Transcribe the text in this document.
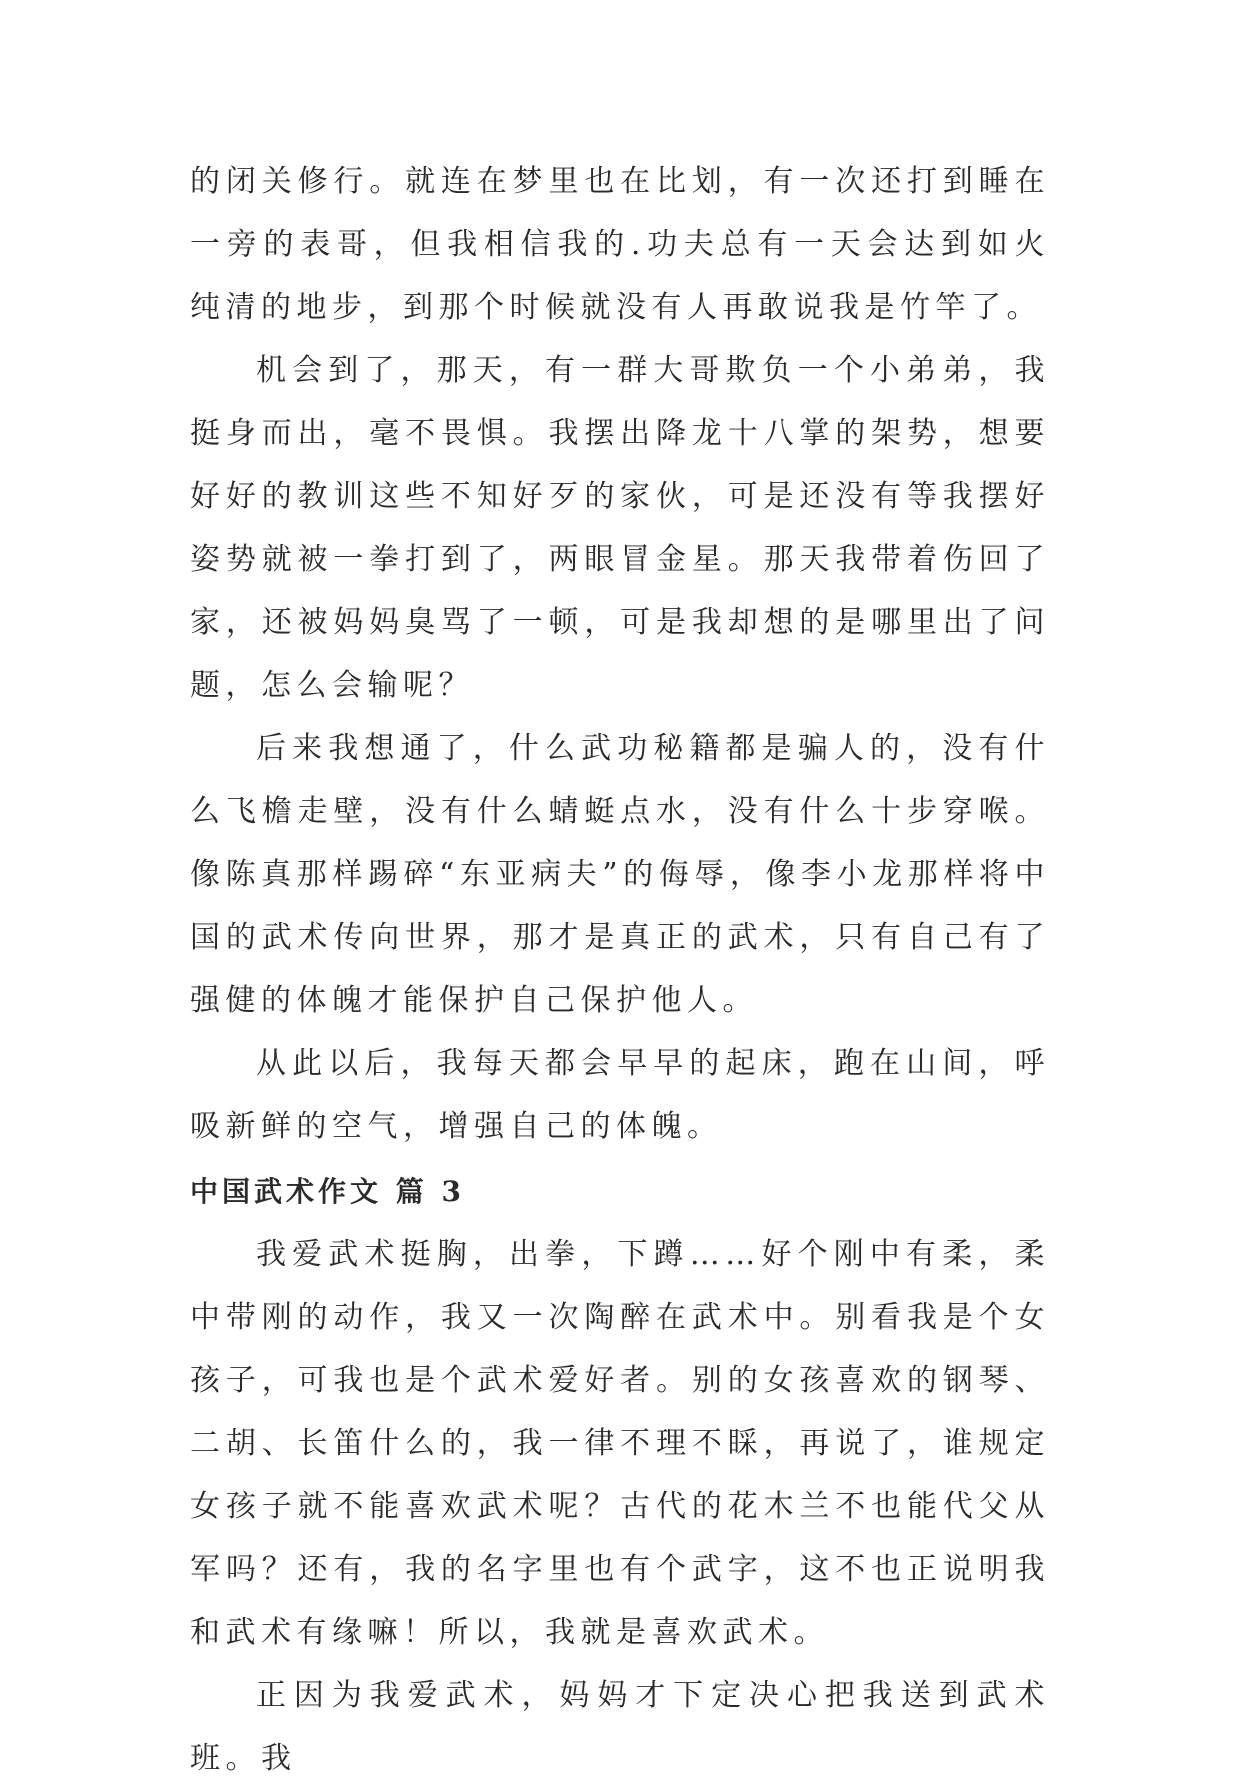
的闭关修行。就连在梦里也在比划，有一次还打到睡在一旁的表哥，但我相信我的.功夫总有一天会达到如火纯清的地步，到那个时候就没有人再敢说我是竹竿了。

机会到了，那天，有一群大哥欺负一个小弟弟，我挺身而出，毫不畏惧。我摆出降龙十八掌的架势，想要好好的教训这些不知好歹的家伙，可是还没有等我摆好姿势就被一拳打到了，两眼冒金星。那天我带着伤回了家，还被妈妈臭骂了一顿，可是我却想的是哪里出了问题，怎么会输呢？

后来我想通了，什么武功秘籍都是骗人的，没有什么飞檐走壁，没有什么蜻蜓点水，没有什么十步穿喉。像陈真那样踢碎“东亚病夫”的侮辱，像李小龙那样将中国的武术传向世界，那才是真正的武术，只有自己有了强健的体魄才能保护自己保护他人。

从此以后，我每天都会早早的起床，跑在山间，呼吸新鲜的空气，增强自己的体魄。

中国武术作文 篇 3

我爱武术挺胸，出拳，下蹲……好个刚中有柔，柔中带刚的动作，我又一次陶醉在武术中。别看我是个女孩子，可我也是个武术爱好者。别的女孩喜欢的钢琴、二胡、长笛什么的，我一律不理不睬，再说了，谁规定女孩子就不能喜欢武术呢？古代的花木兰不也能代父从军吗？还有，我的名字里也有个武字，这不也正说明我和武术有缘嘛！所以，我就是喜欢武术。

正因为我爱武术，妈妈才下定决心把我送到武术班。我
